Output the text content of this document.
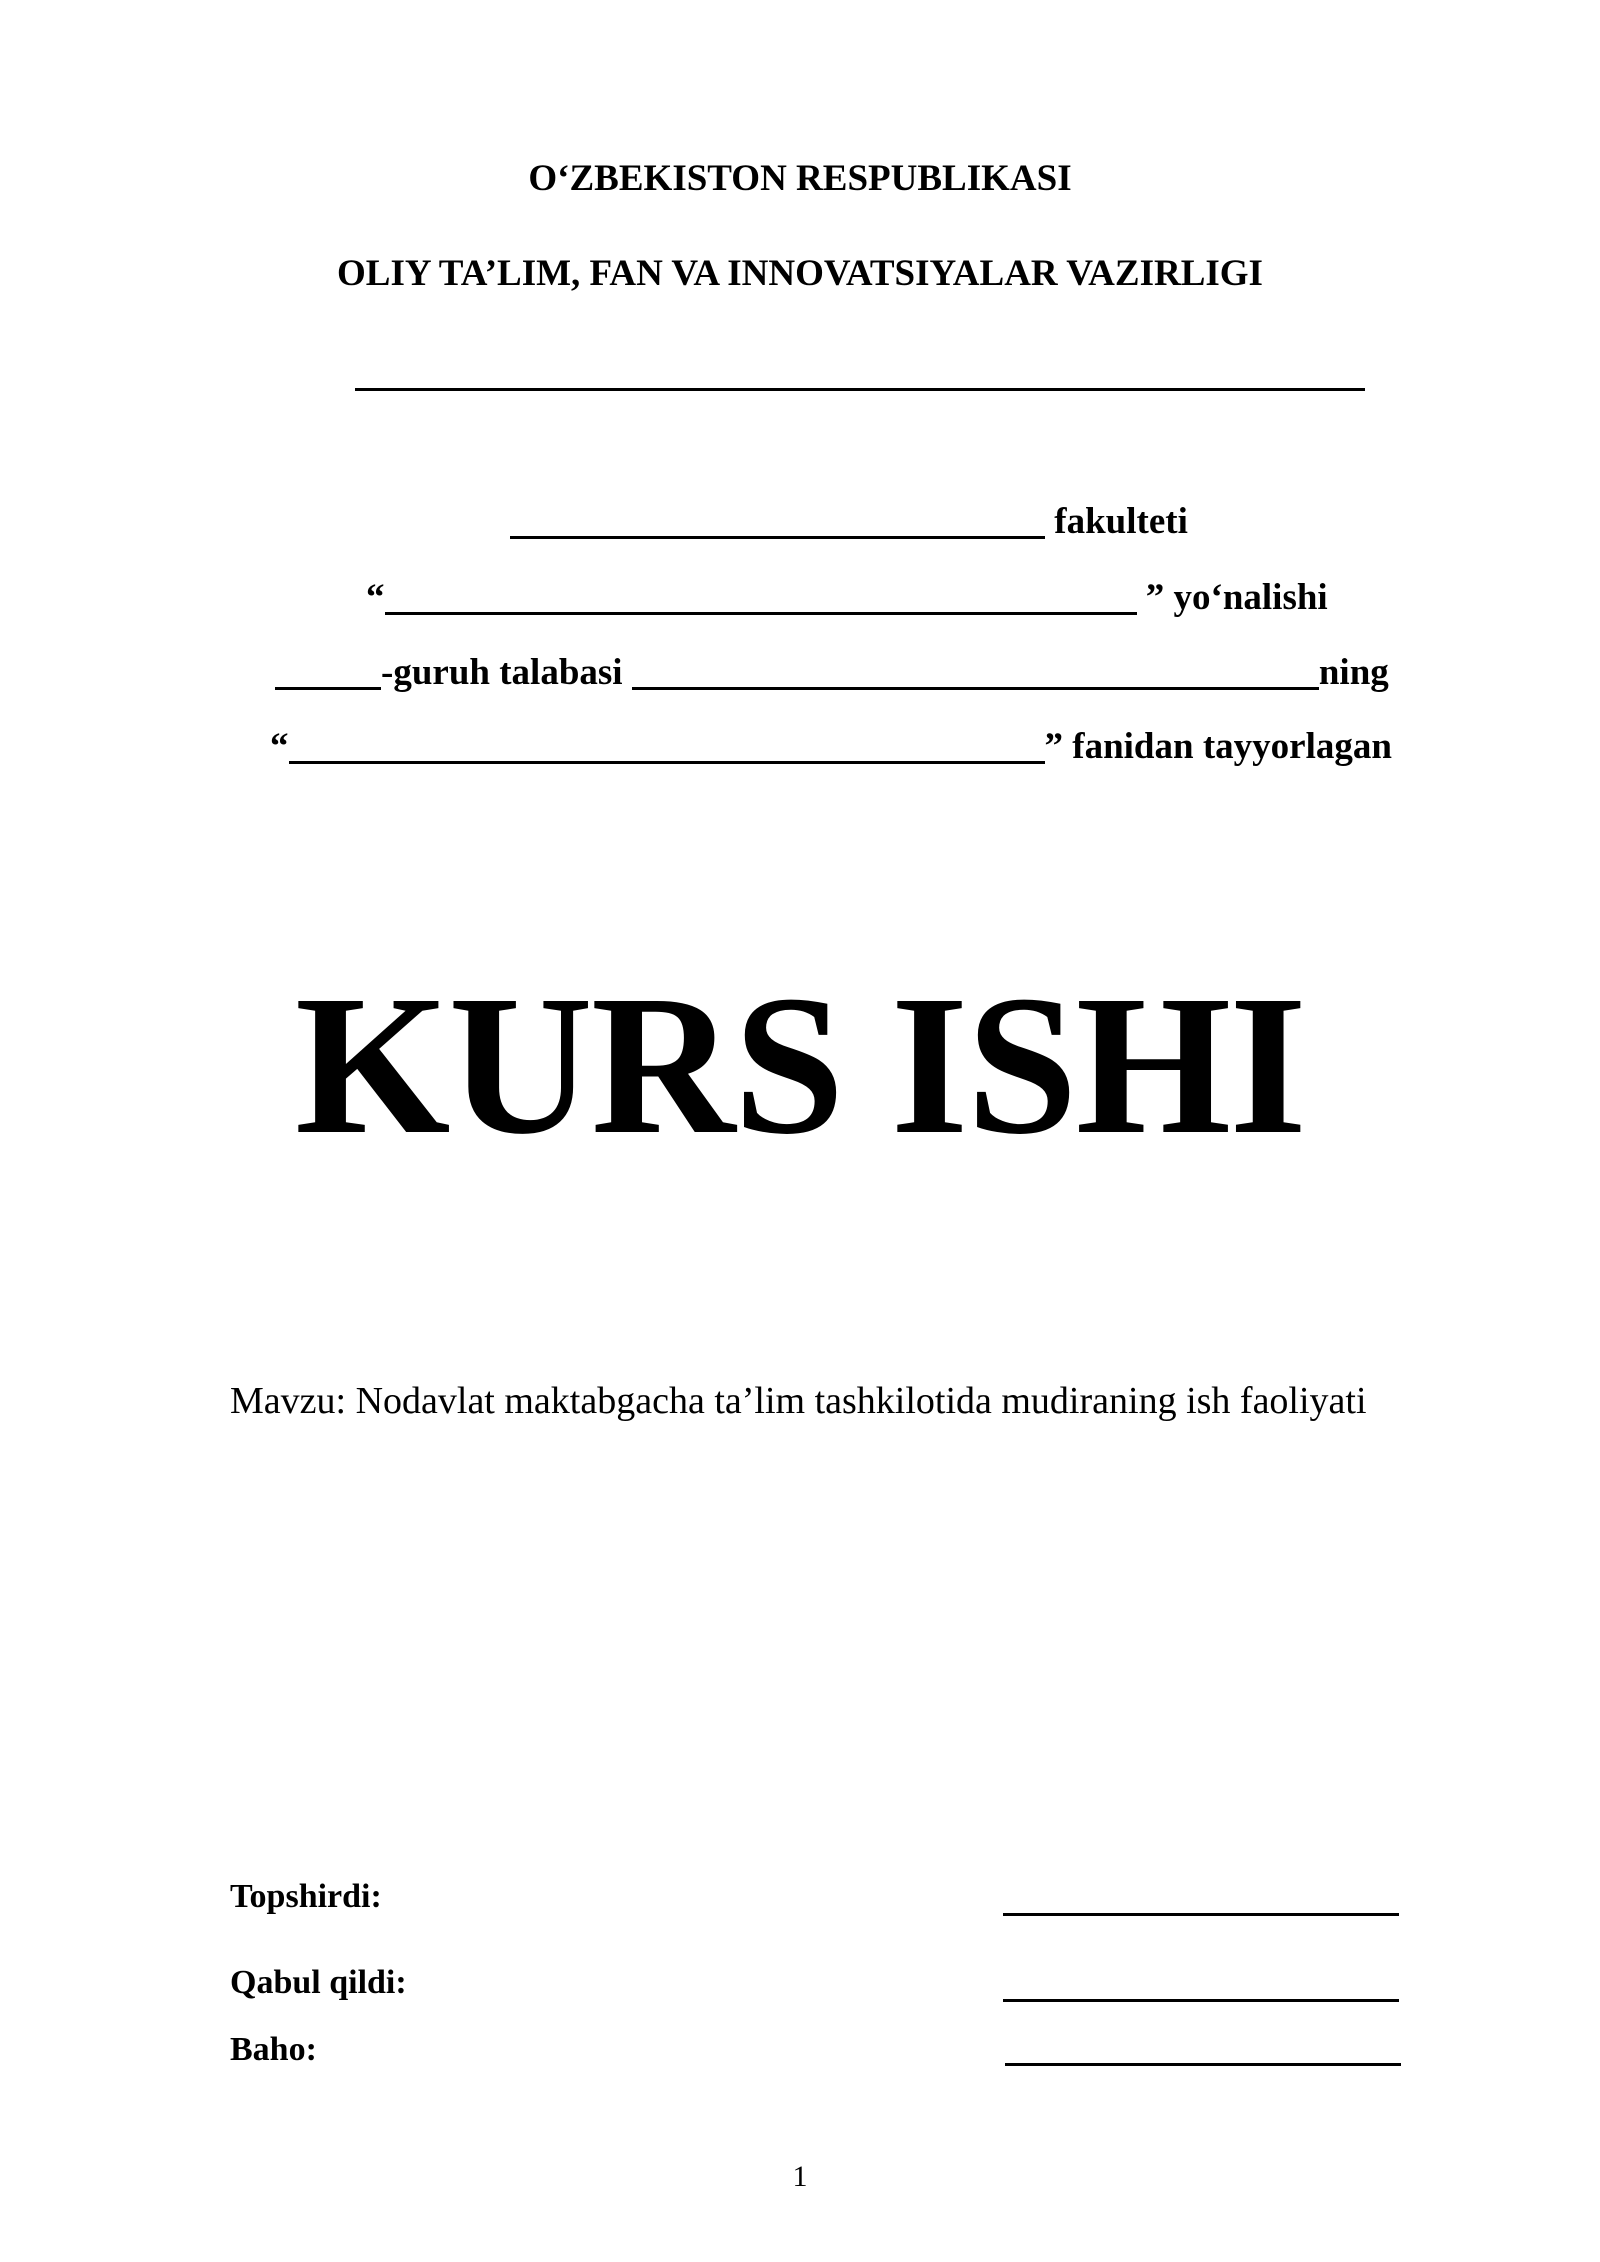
O‘ZBEKISTON RESPUBLIKASI
OLIY TA’LIM, FAN VA INNOVATSIYALAR VAZIRLIGI
fakulteti
“	” yo‘nalishi
-guruh talabasi	ning
“	” fanidan tayyorlagan
KURS ISHI
Mavzu: Nodavlat maktabgacha ta’lim tashkilotida mudiraning ish faoliyati
Topshirdi:
Qabul qildi:
Baho:
1
